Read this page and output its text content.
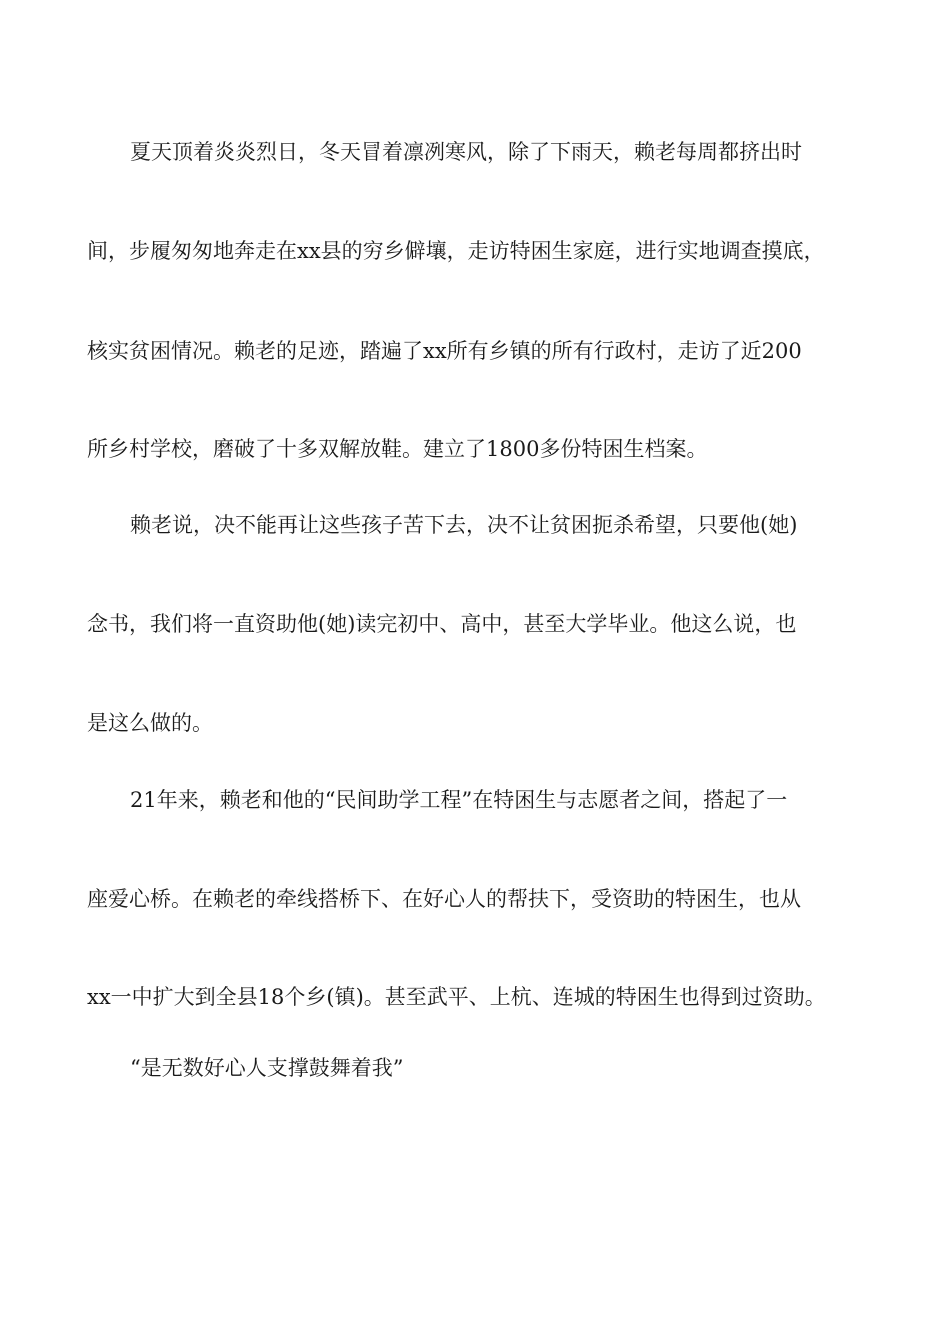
夏天顶着炎炎烈日，冬天冒着凛冽寒风，除了下雨天，赖老每周都挤出时
间，步履匆匆地奔走在xx县的穷乡僻壤，走访特困生家庭，进行实地调查摸底，
核实贫困情况。赖老的足迹，踏遍了xx所有乡镇的所有行政村，走访了近200
所乡村学校，磨破了十多双解放鞋。建立了1800多份特困生档案。
赖老说，决不能再让这些孩子苦下去，决不让贫困扼杀希望，只要他(她)
念书，我们将一直资助他(她)读完初中、高中，甚至大学毕业。他这么说，也
是这么做的。
21年来，赖老和他的“民间助学工程”在特困生与志愿者之间，搭起了一
座爱心桥。在赖老的牵线搭桥下、在好心人的帮扶下，受资助的特困生，也从
xx一中扩大到全县18个乡(镇)。甚至武平、上杭、连城的特困生也得到过资助。
“是无数好心人支撑鼓舞着我”
